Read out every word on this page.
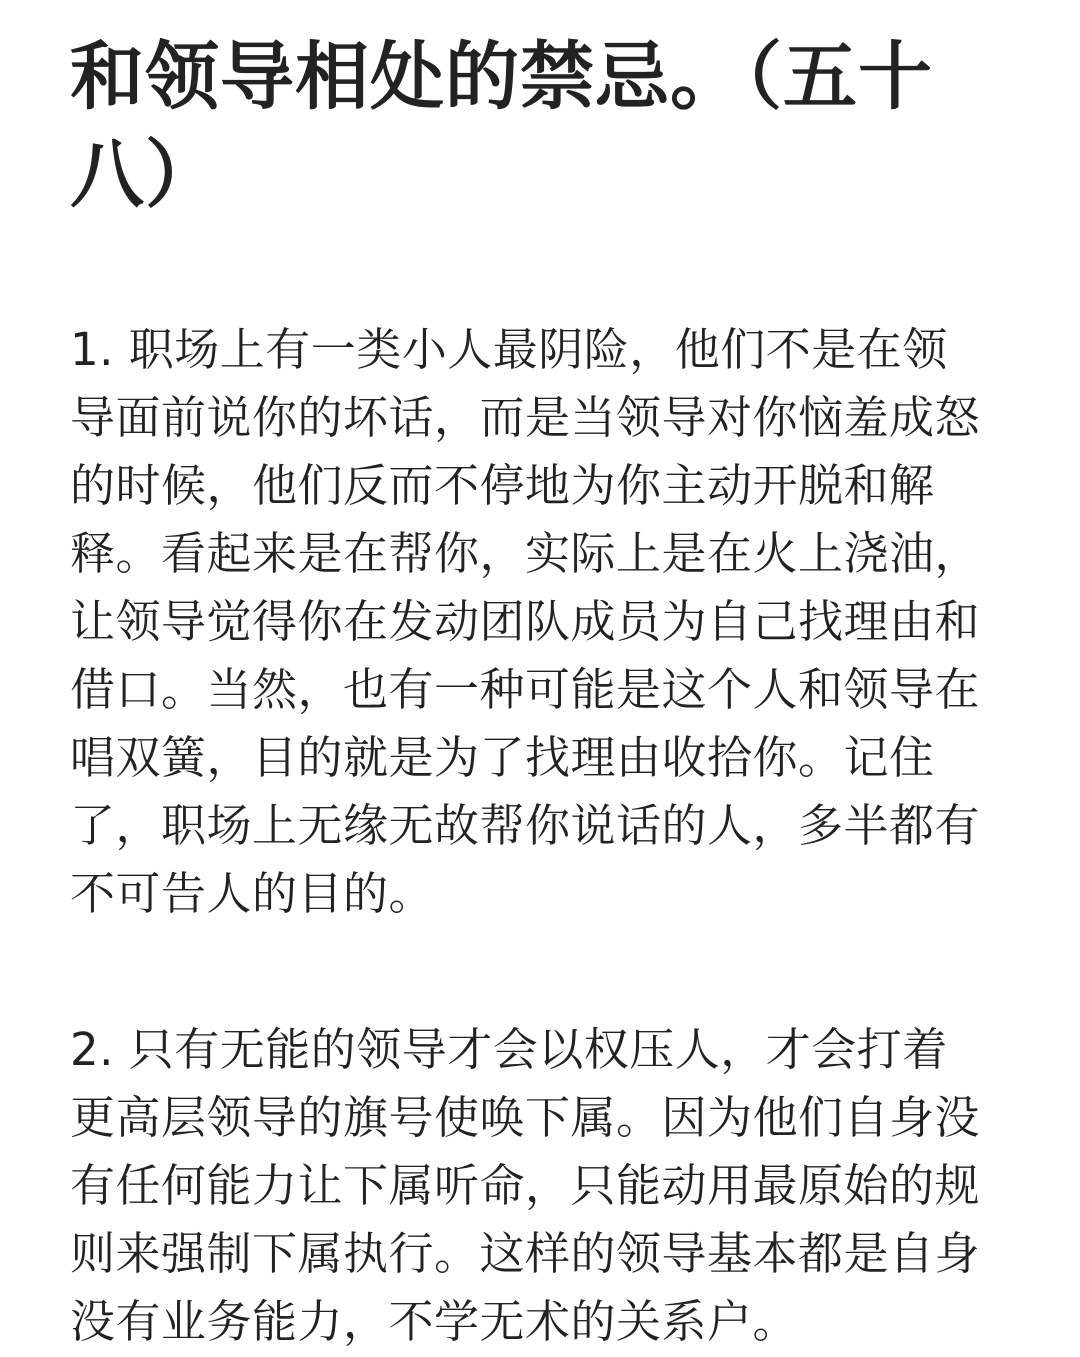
和领导相处的禁忌。（五十八）

1. 职场上有一类小人最阴险，他们不是在领导面前说你的坏话，而是当领导对你恼羞成怒的时候，他们反而不停地为你主动开脱和解释。看起来是在帮你，实际上是在火上浇油，让领导觉得你在发动团队成员为自己找理由和借口。当然，也有一种可能是这个人和领导在唱双簧，目的就是为了找理由收拾你。记住了，职场上无缘无故帮你说话的人，多半都有不可告人的目的。

2. 只有无能的领导才会以权压人，才会打着更高层领导的旗号使唤下属。因为他们自身没有任何能力让下属听命，只能动用最原始的规则来强制下属执行。这样的领导基本都是自身没有业务能力，不学无术的关系户。
